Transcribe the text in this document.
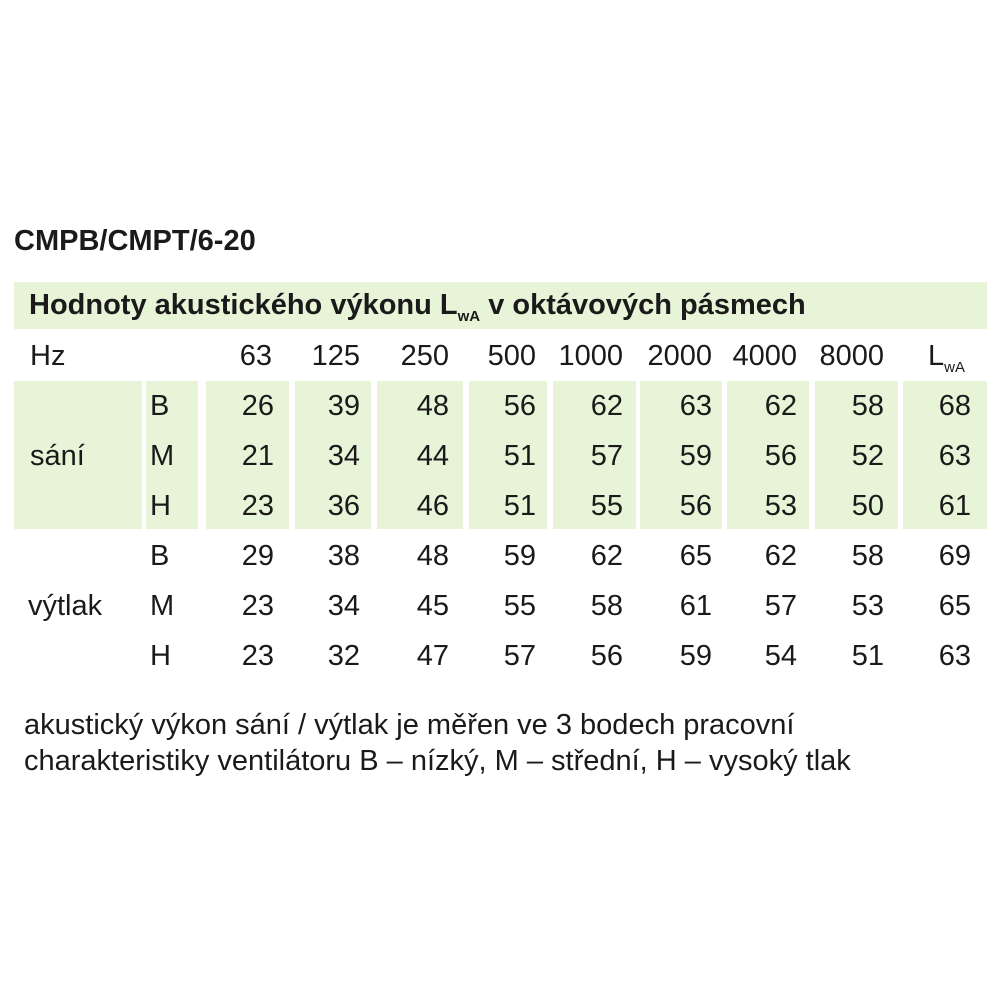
CMPB/CMPT/6-20
Hodnoty akustického výkonu $L_{wA}$ v oktávových pásmech
Hz	63	125	250	500 1000 2000 4000 8000 $L_{wA}$
sání
B	26	39	48	56	62	63	62	58	68
M	21	34	44	51	57	59	56	52	63
H	23	36	46	51	55	56	53	50	61
výtlak
B	29	38	48	59	62	65	62	58	69
M	23	34	45	55	58	61	57	53	65
H	23	32	47	57	56	59	54	51	63
akustický výkon sání / výtlak je měřen ve 3 bodech pracovní
charakteristiky ventilátoru B – nízký, M – střední, H – vysoký tlak
